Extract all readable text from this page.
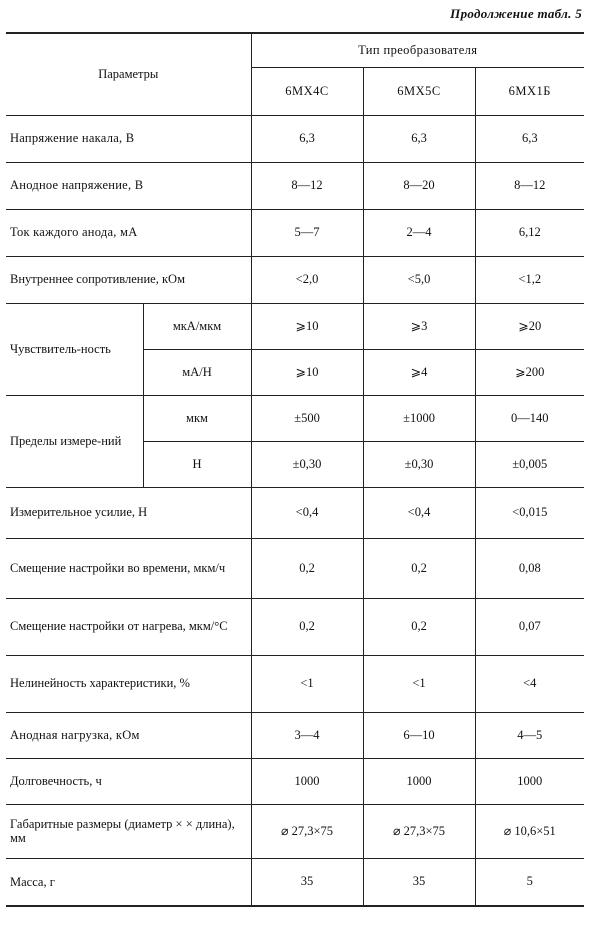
Продолжение табл. 5
Параметры		Тип преобразователя		
		6МХ4С	6МХ5С	6МХ1Б
Напряжение накала, В		6,3	6,3	6,3
Анодное напряжение, В		8—12	8—20	8—12
Ток каждого анода, мА		5—7	2—4	6,12
Внутреннее сопротивление, кОм		<2,0	<5,0	<1,2
Чувствитель-ность	мкА/мкм	⩾10	⩾3	⩾20
	мА/Н	⩾10	⩾4	⩾200
Пределы измере-ний	мкм	±500	±1000	0—140
	Н	±0,30	±0,30	±0,005
Измерительное усилие, Н		<0,4	<0,4	<0,015
Смещение настройки во времени, мкм/ч		0,2	0,2	0,08
Смещение настройки от нагрева, мкм/°С		0,2	0,2	0,07
Нелинейность характеристики, %		<1	<1	<4
Анодная нагрузка, кОм		3—4	6—10	4—5
Долговечность, ч		1000	1000	1000
Габаритные размеры (диаметр × × длина), мм		⌀ 27,3×75	⌀ 27,3×75	⌀ 10,6×51
Масса, г		35	35	5
